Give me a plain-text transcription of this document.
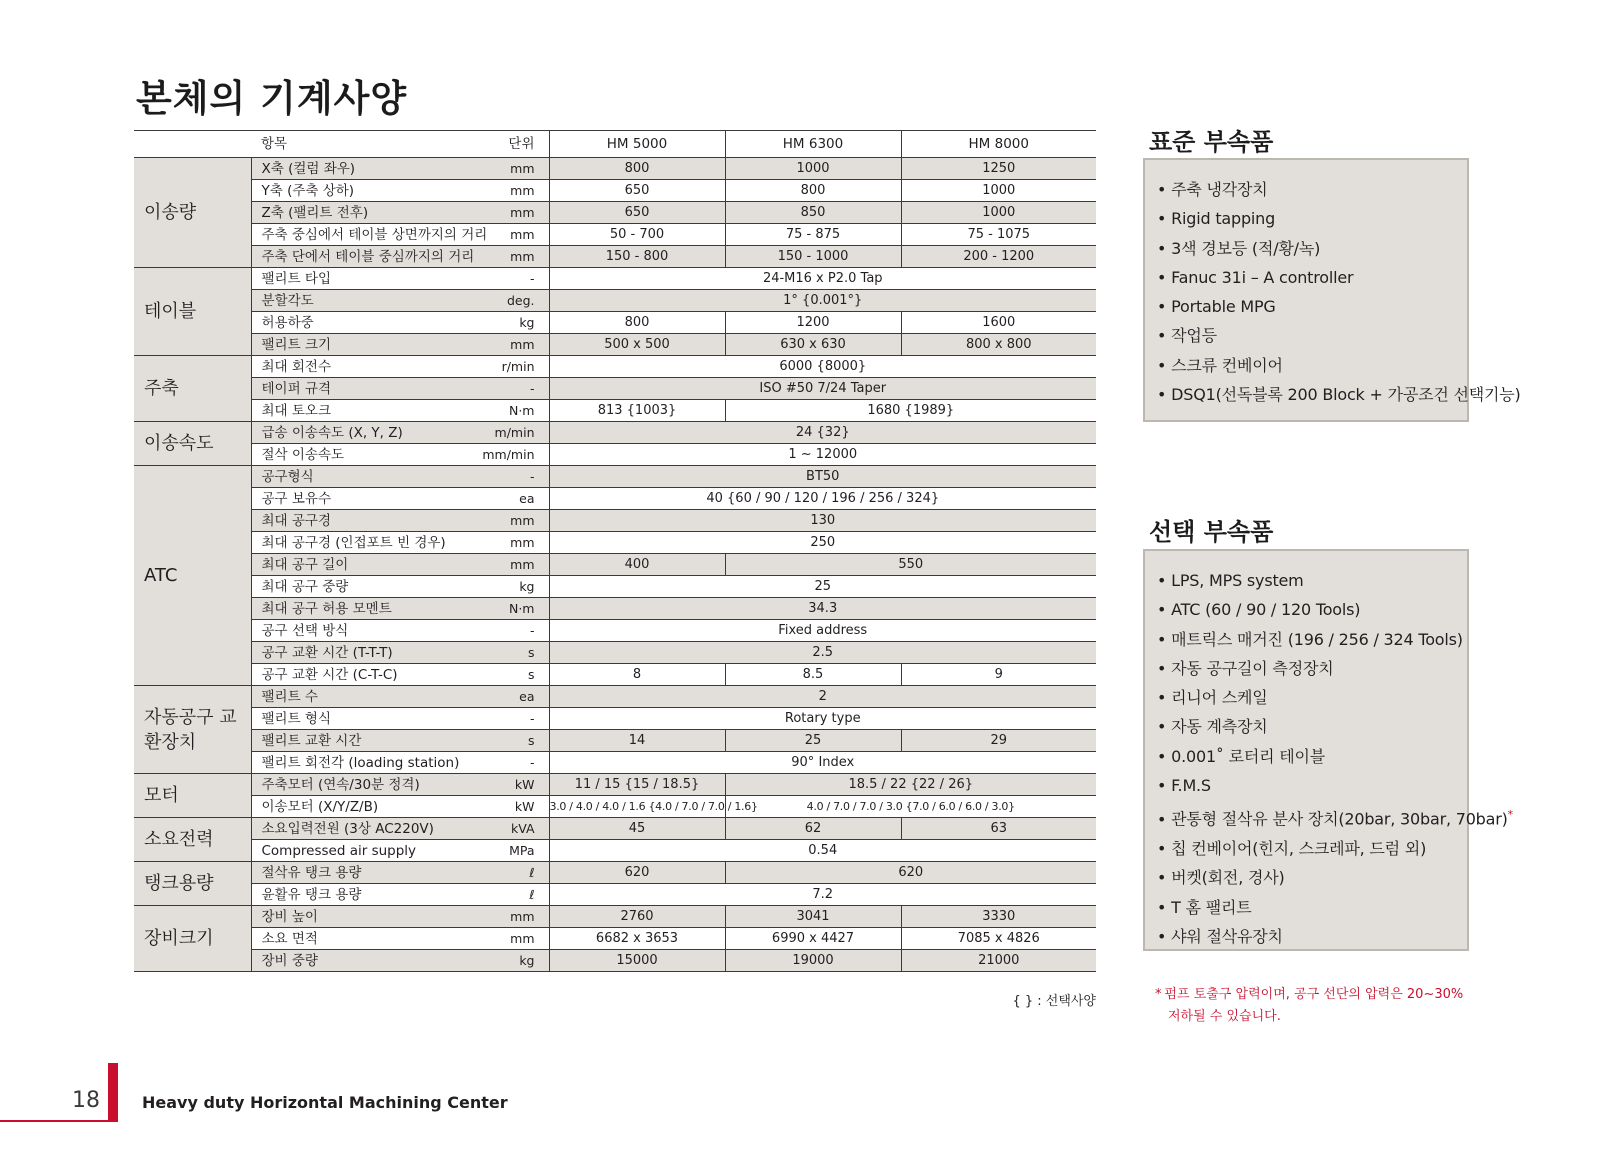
본체의 기계사양
항목		단위	HM 5000	HM 6300	HM 8000
이송량	X축 (컬럼 좌우)	mm	800	1000	1250
	Y축 (주축 상하)	mm	650	800	1000
	Z축 (팰리트 전후)	mm	650	850	1000
	주축 중심에서 테이블 상면까지의 거리	mm	50 - 700	75 - 875	75 - 1075
	주축 단에서 테이블 중심까지의 거리	mm	150 - 800	150 - 1000	200 - 1200
테이블	팰리트 타입	-	24-M16 x P2.0 Tap		
	분할각도	deg.	1° {0.001°}		
	허용하중	kg	800	1200	1600
	팰리트 크기	mm	500 x 500	630 x 630	800 x 800
주축	최대 회전수	r/min	6000 {8000}		
	테이퍼 규격	-	ISO #50 7/24 Taper		
	최대 토오크	N·m	813 {1003}	1680 {1989}	
이송속도	급송 이송속도 (X, Y, Z)	m/min	24 {32}		
	절삭 이송속도	mm/min	1 ~ 12000		
ATC	공구형식	-	BT50		
	공구 보유수	ea	40 {60 / 90 / 120 / 196 / 256 / 324}		
	최대 공구경	mm	130		
	최대 공구경 (인접포트 빈 경우)	mm	250		
	최대 공구 길이	mm	400	550	
	최대 공구 중량	kg	25		
	최대 공구 허용 모멘트	N·m	34.3		
	공구 선택 방식	-	Fixed address		
	공구 교환 시간 (T-T-T)	s	2.5		
	공구 교환 시간 (C-T-C)	s	8	8.5	9
자동공구 교환장치	팰리트 수	ea	2		
	팰리트 형식	-	Rotary type		
	팰리트 교환 시간	s	14	25	29
	팰리트 회전각 (loading station)	-	90° Index		
모터	주축모터 (연속/30분 정격)	kW	11 / 15 {15 / 18.5}	18.5 / 22 {22 / 26}	
	이송모터 (X/Y/Z/B)	kW	3.0 / 4.0 / 4.0 / 1.6 {4.0 / 7.0 / 7.0 / 1.6}	4.0 / 7.0 / 7.0 / 3.0 {7.0 / 6.0 / 6.0 / 3.0}	
소요전력	소요입력전원 (3상 AC220V)	kVA	45	62	63
	Compressed air supply	MPa	0.54		
탱크용량	절삭유 탱크 용량	ℓ	620	620	
	윤활유 탱크 용량	ℓ	7.2		
장비크기	장비 높이	mm	2760	3041	3330
	소요 면적	mm	6682 x 3653	6990 x 4427	7085 x 4826
	장비 중량	kg	15000	19000	21000
{ } : 선택사양
표준 부속품
• 주축 냉각장치
• Rigid tapping
• 3색 경보등 (적/황/녹)
• Fanuc 31i – A controller
• Portable MPG
• 작업등
• 스크류 컨베이어
• DSQ1(선독블록 200 Block + 가공조건 선택기능)
선택 부속품
• LPS, MPS system
• ATC (60 / 90 / 120 Tools)
• 매트릭스 매거진 (196 / 256 / 324 Tools)
• 자동 공구길이 측정장치
• 리니어 스케일
• 자동 계측장치
• 0.001˚ 로터리 테이블
• F.M.S
• 관통형 절삭유 분사 장치(20bar, 30bar, 70bar)*
• 칩 컨베이어(힌지, 스크레파, 드럼 외)
• 버켓(회전, 경사)
• T 홈 팰리트
• 샤워 절삭유장치
* 펌프 토출구 압력이며, 공구 선단의 압력은 20~30%
저하될 수 있습니다.
18	Heavy duty Horizontal Machining Center
